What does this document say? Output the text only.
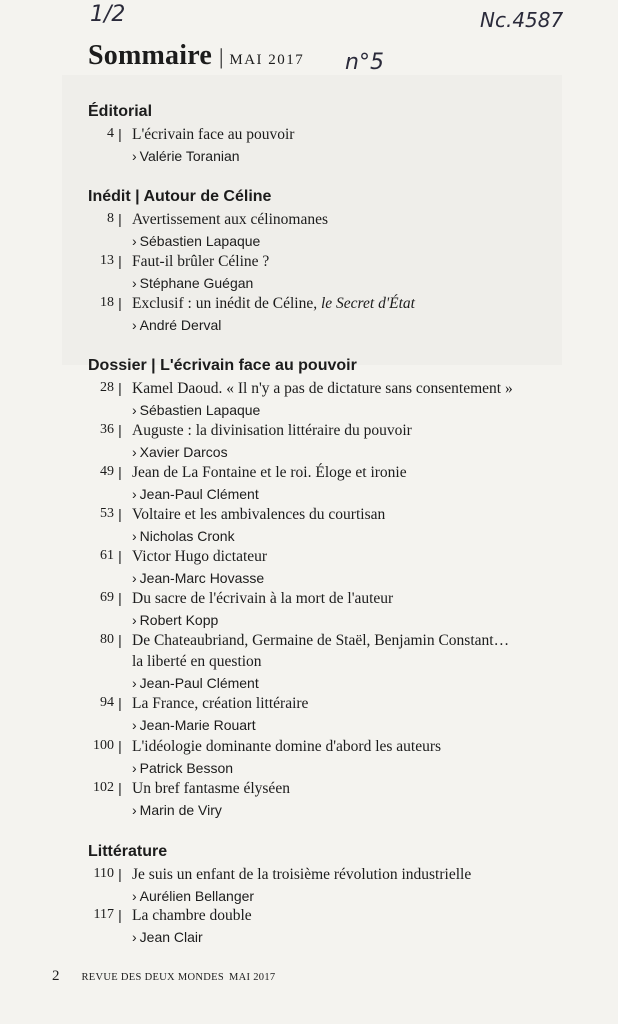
1/2	Nc.4587
n°5
Sommaire | MAI 2017
Éditorial
4 | L'écrivain face au pouvoir
› Valérie Toranian
Inédit | Autour de Céline
8 | Avertissement aux célinomanes
› Sébastien Lapaque
13 | Faut-il brûler Céline ?
› Stéphane Guégan
18 | Exclusif : un inédit de Céline, le Secret d'État
› André Derval
Dossier | L'écrivain face au pouvoir
28 | Kamel Daoud. « Il n'y a pas de dictature sans consentement »
› Sébastien Lapaque
36 | Auguste : la divinisation littéraire du pouvoir
› Xavier Darcos
49 | Jean de La Fontaine et le roi. Éloge et ironie
› Jean-Paul Clément
53 | Voltaire et les ambivalences du courtisan
› Nicholas Cronk
61 | Victor Hugo dictateur
› Jean-Marc Hovasse
69 | Du sacre de l'écrivain à la mort de l'auteur
› Robert Kopp
80 | De Chateaubriand, Germaine de Staël, Benjamin Constant…
la liberté en question
› Jean-Paul Clément
94 | La France, création littéraire
› Jean-Marie Rouart
100 | L'idéologie dominante domine d'abord les auteurs
› Patrick Besson
102 | Un bref fantasme élyséen
› Marin de Viry
Littérature
110 | Je suis un enfant de la troisième révolution industrielle
› Aurélien Bellanger
117 | La chambre double
› Jean Clair
2 REVUE DES DEUX MONDES MAI 2017
